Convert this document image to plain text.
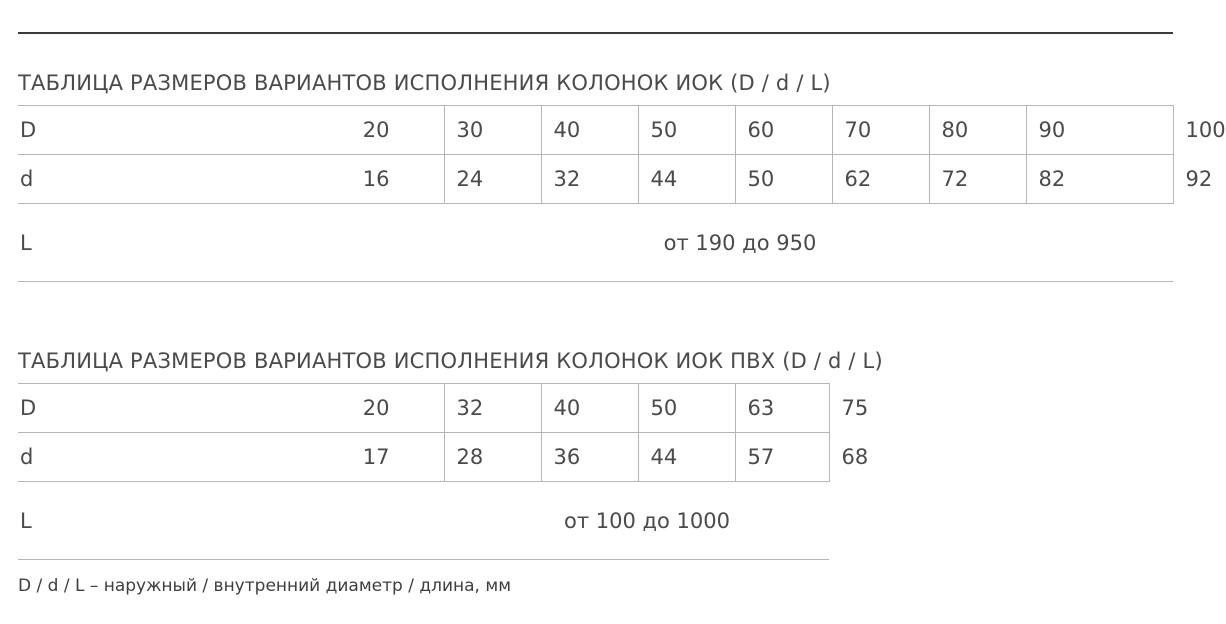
ТАБЛИЦА РАЗМЕРОВ ВАРИАНТОВ ИСПОЛНЕНИЯ КОЛОНОК ИОК (D / d / L)
D	20	30	40	50	60	70	80	90	100

d	16	24	32	44	50	62	72	82	92

L	от 190 до 950								
ТАБЛИЦА РАЗМЕРОВ ВАРИАНТОВ ИСПОЛНЕНИЯ КОЛОНОК ИОК ПВХ (D / d / L)
D	20	32	40	50	63	75

d	17	28	36	44	57	68

L	от 100 до 1000					
D / d / L – наружный / внутренний диаметр / длина, мм
